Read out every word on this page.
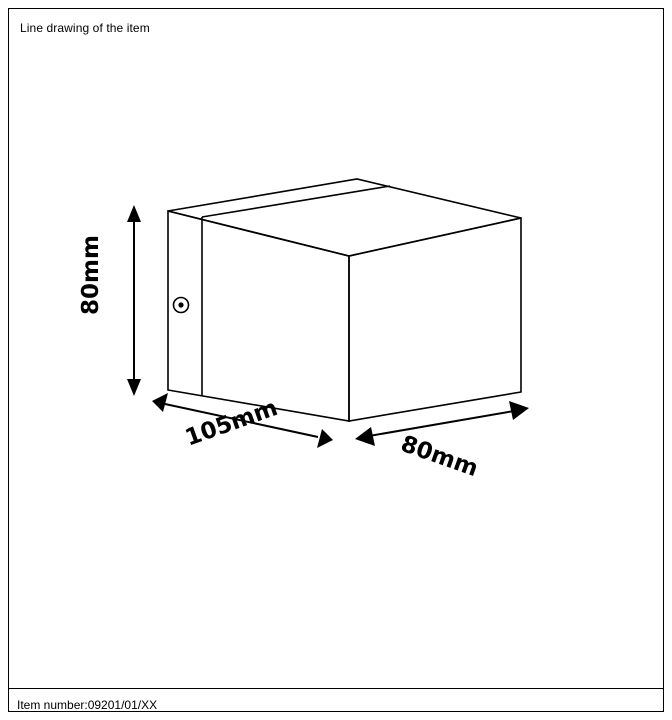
Line drawing of the item
80mm
105mm
80mm
Item number:09201/01/XX
